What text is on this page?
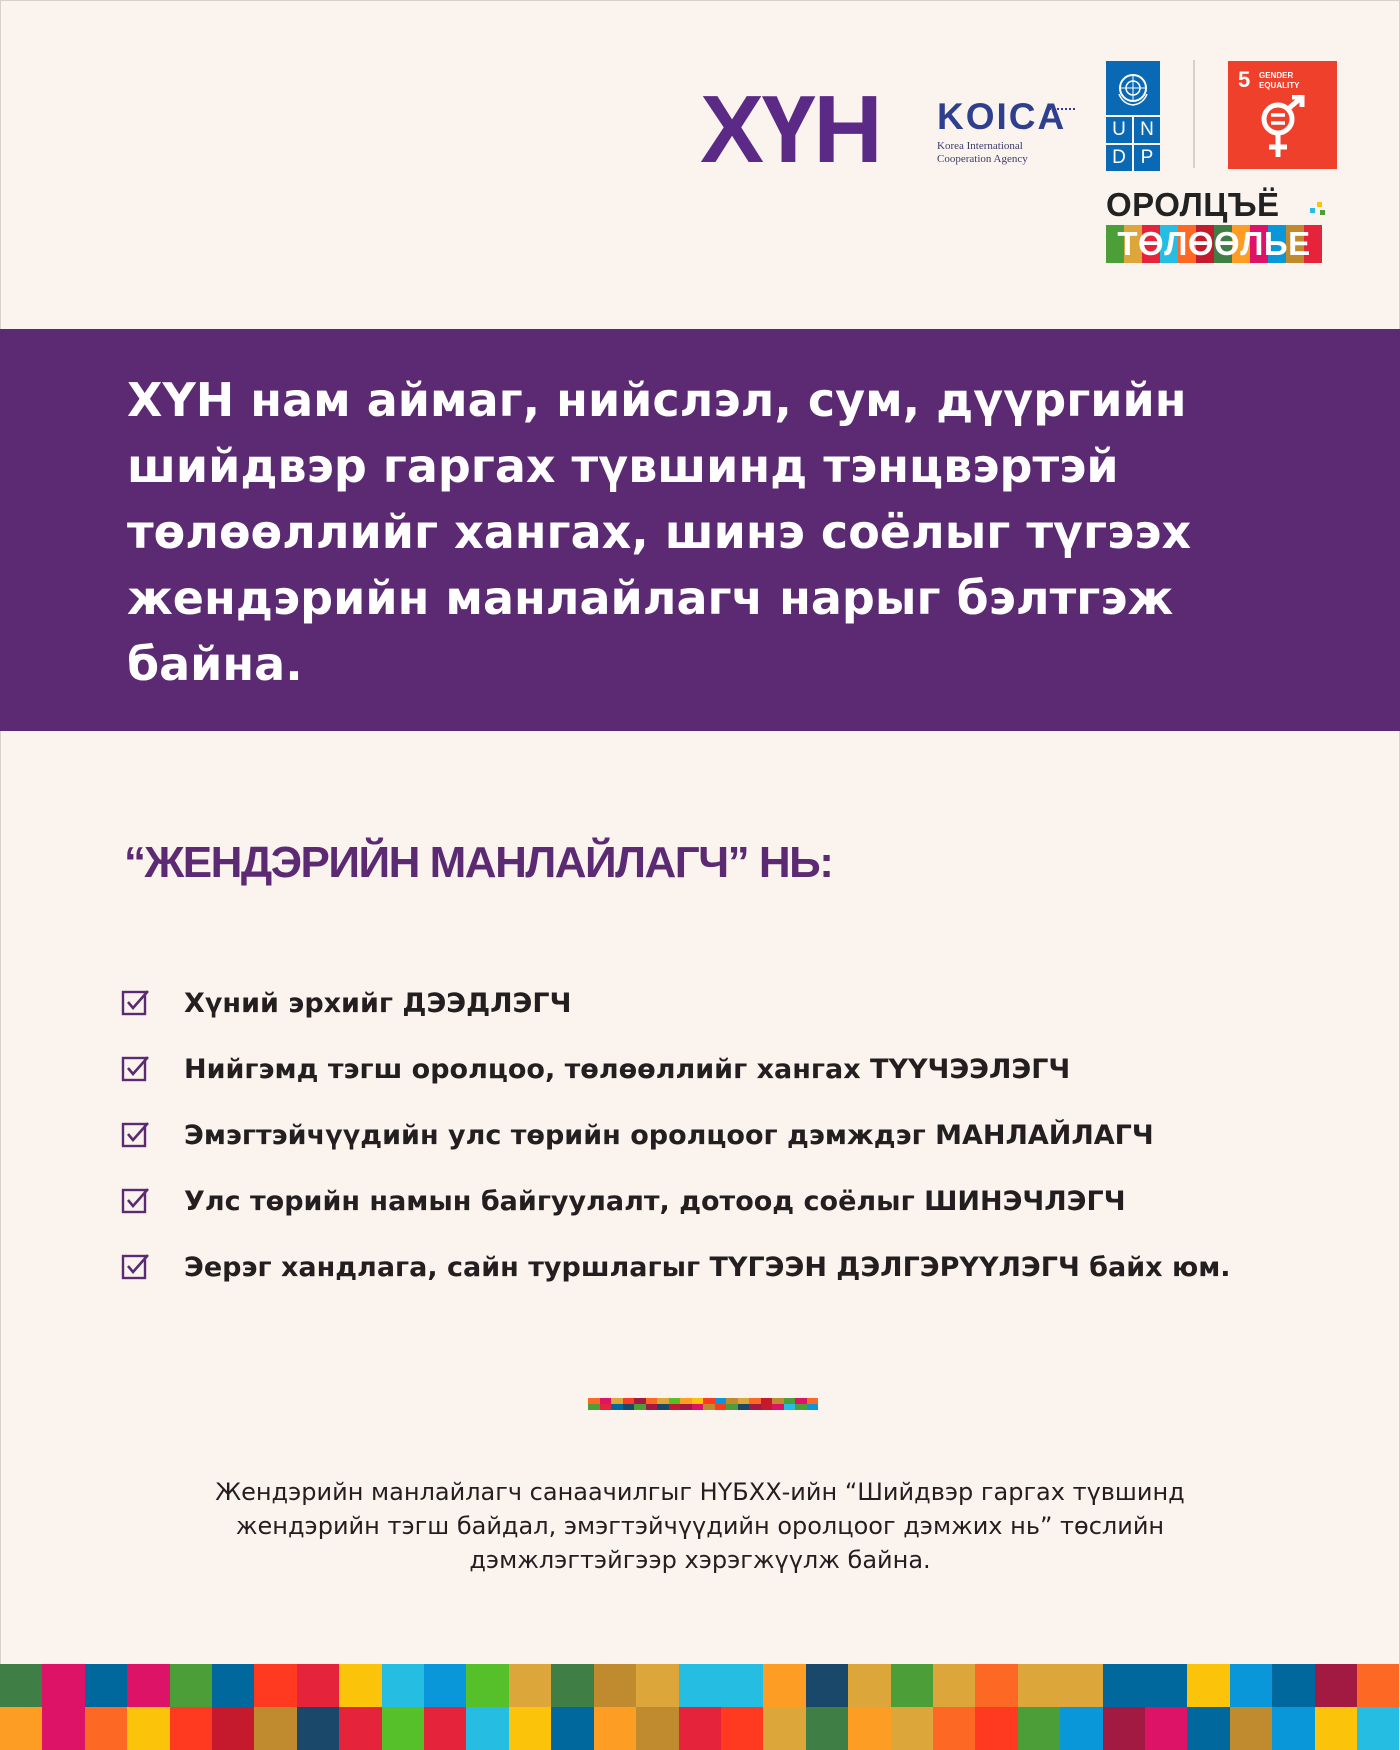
ХҮН KOICA
Korea International
Cooperation Agency
U N
D P
5 GENDER
EQUALITY
ОРОЛЦЪЁ
ТӨЛӨӨЛЬЕ
ХҮН нам аймаг, нийслэл, сум, дүүргийн шийдвэр гаргах түвшинд тэнцвэртэй төлөөллийг хангах, шинэ соёлыг түгээх жендэрийн манлайлагч нарыг бэлтгэж байна.
“ЖЕНДЭРИЙН МАНЛАЙЛАГЧ” НЬ:
Хүний эрхийг ДЭЭДЛЭГЧ
Нийгэмд тэгш оролцоо, төлөөллийг хангах ТҮҮЧЭЭЛЭГЧ
Эмэгтэйчүүдийн улс төрийн оролцоог дэмждэг МАНЛАЙЛАГЧ
Улс төрийн намын байгуулалт, дотоод соёлыг ШИНЭЧЛЭГЧ
Эерэг хандлага, сайн туршлагыг ТҮГЭЭН ДЭЛГЭРҮҮЛЭГЧ байх юм.
Жендэрийн манлайлагч санаачилгыг НҮБХХ-ийн “Шийдвэр гаргах түвшинд
жендэрийн тэгш байдал, эмэгтэйчүүдийн оролцоог дэмжих нь” төслийн
дэмжлэгтэйгээр хэрэгжүүлж байна.
